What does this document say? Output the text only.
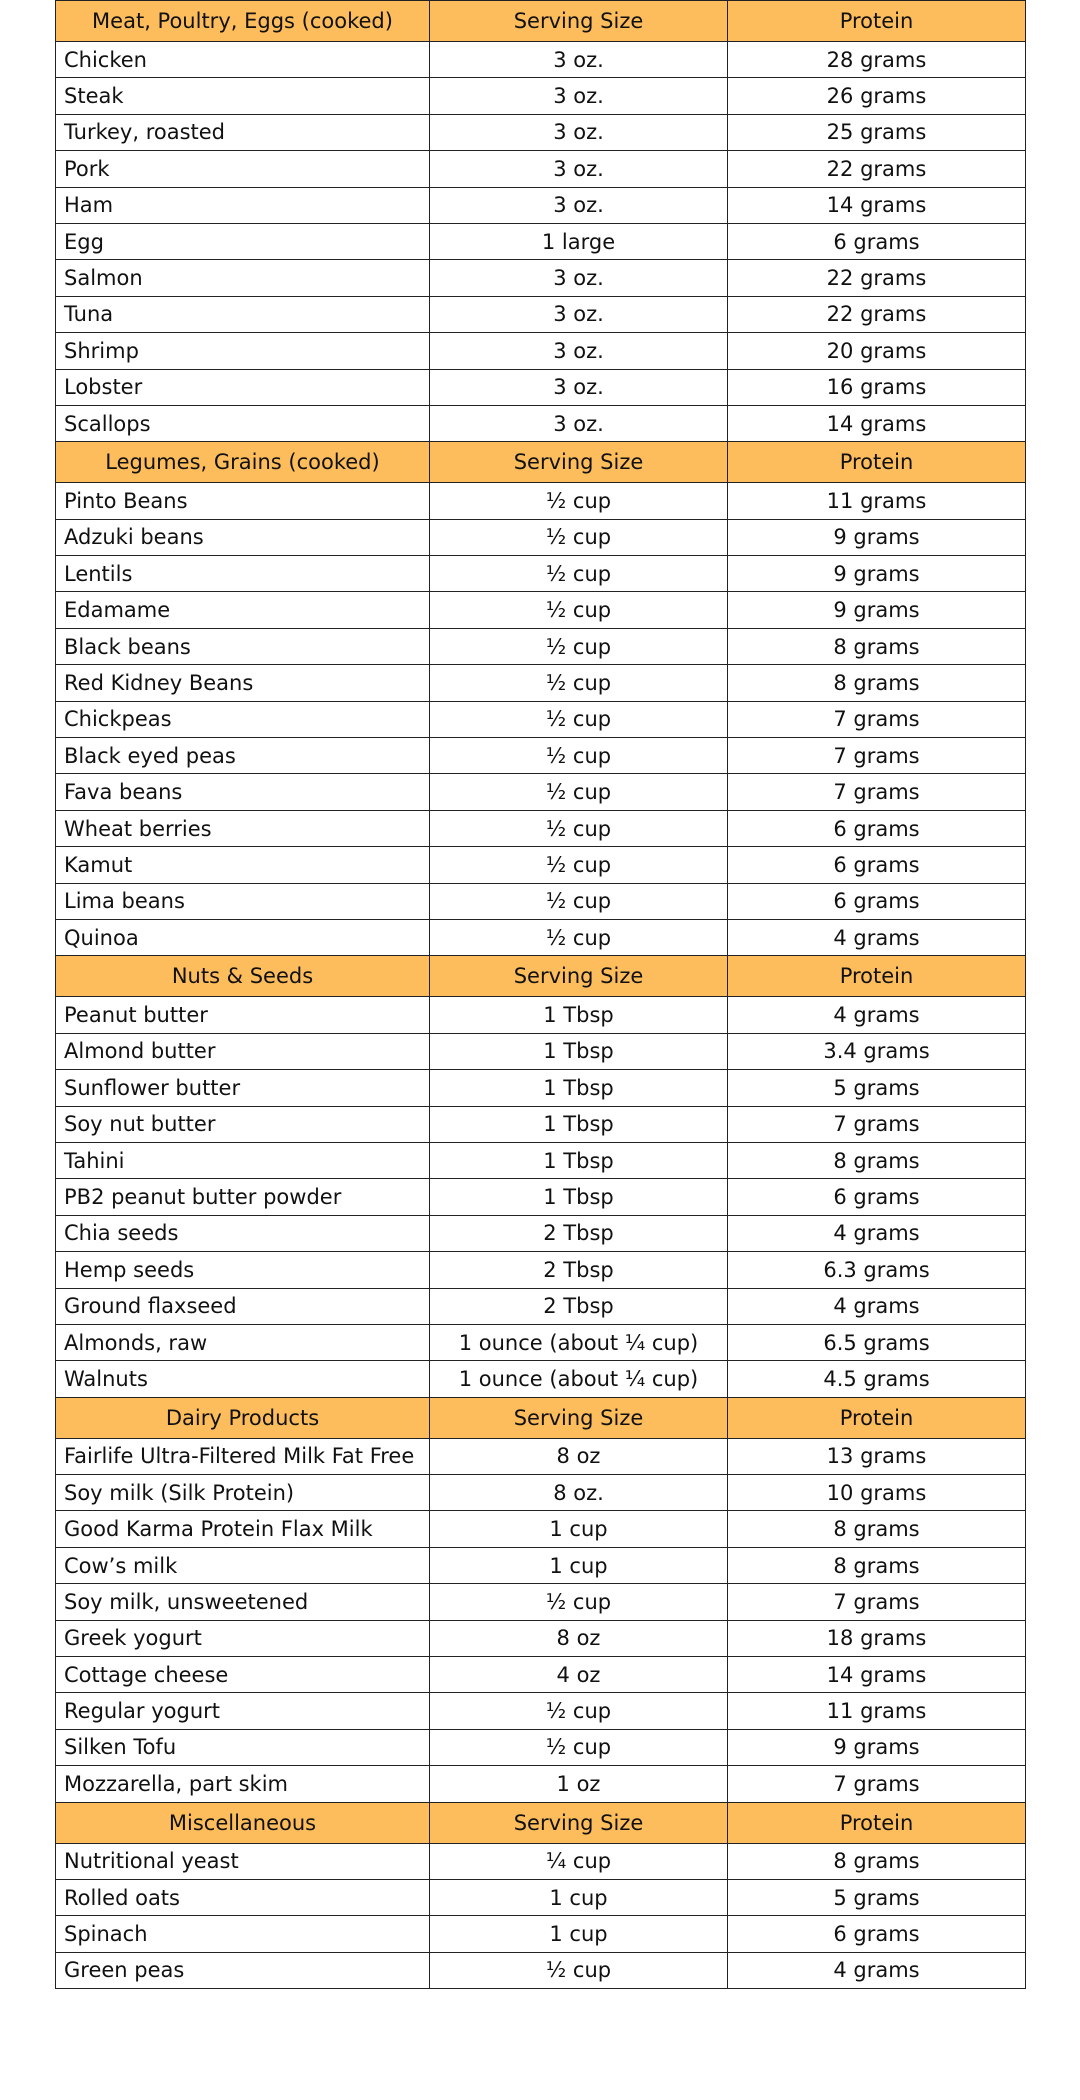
Meat, Poultry, Eggs (cooked)	Serving Size	Protein
Chicken	3 oz.	28 grams
Steak	3 oz.	26 grams
Turkey, roasted	3 oz.	25 grams
Pork	3 oz.	22 grams
Ham	3 oz.	14 grams
Egg	1 large	6 grams
Salmon	3 oz.	22 grams
Tuna	3 oz.	22 grams
Shrimp	3 oz.	20 grams
Lobster	3 oz.	16 grams
Scallops	3 oz.	14 grams
Legumes, Grains (cooked)	Serving Size	Protein
Pinto Beans	½ cup	11 grams
Adzuki beans	½ cup	9 grams
Lentils	½ cup	9 grams
Edamame	½ cup	9 grams
Black beans	½ cup	8 grams
Red Kidney Beans	½ cup	8 grams
Chickpeas	½ cup	7 grams
Black eyed peas	½ cup	7 grams
Fava beans	½ cup	7 grams
Wheat berries	½ cup	6 grams
Kamut	½ cup	6 grams
Lima beans	½ cup	6 grams
Quinoa	½ cup	4 grams
Nuts & Seeds	Serving Size	Protein
Peanut butter	1 Tbsp	4 grams
Almond butter	1 Tbsp	3.4 grams
Sunflower butter	1 Tbsp	5 grams
Soy nut butter	1 Tbsp	7 grams
Tahini	1 Tbsp	8 grams
PB2 peanut butter powder	1 Tbsp	6 grams
Chia seeds	2 Tbsp	4 grams
Hemp seeds	2 Tbsp	6.3 grams
Ground flaxseed	2 Tbsp	4 grams
Almonds, raw	1 ounce (about ¼ cup)	6.5 grams
Walnuts	1 ounce (about ¼ cup)	4.5 grams
Dairy Products	Serving Size	Protein
Fairlife Ultra-Filtered Milk Fat Free	8 oz	13 grams
Soy milk (Silk Protein)	8 oz.	10 grams
Good Karma Protein Flax Milk	1 cup	8 grams
Cow’s milk	1 cup	8 grams
Soy milk, unsweetened	½ cup	7 grams
Greek yogurt	8 oz	18 grams
Cottage cheese	4 oz	14 grams
Regular yogurt	½ cup	11 grams
Silken Tofu	½ cup	9 grams
Mozzarella, part skim	1 oz	7 grams
Miscellaneous	Serving Size	Protein
Nutritional yeast	¼ cup	8 grams
Rolled oats	1 cup	5 grams
Spinach	1 cup	6 grams
Green peas	½ cup	4 grams
